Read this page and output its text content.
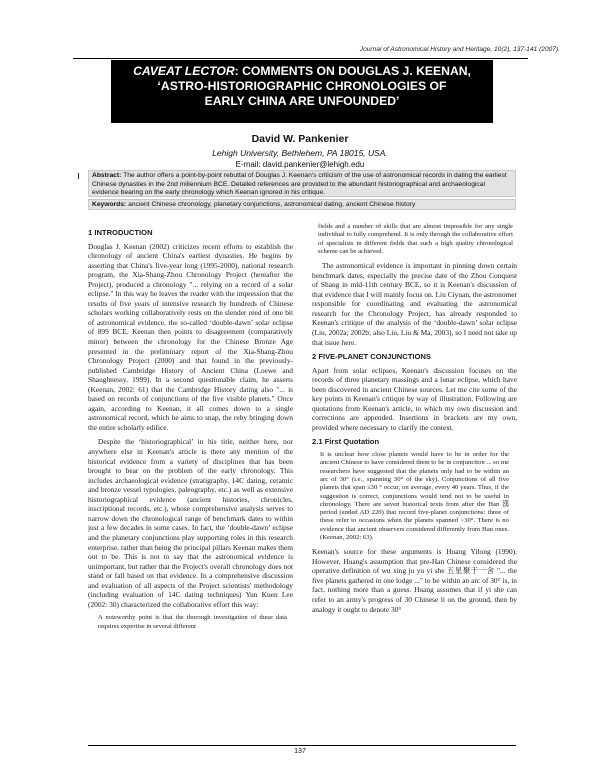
Journal of Astronomical History and Heritage, 10(2), 137-141 (2007).
CAVEAT LECTOR: COMMENTS ON DOUGLAS J. KEENAN,
‘ASTRO-HISTORIOGRAPHIC CHRONOLOGIES OF
EARLY CHINA ARE UNFOUNDED’
David W. Pankenier
Lehigh University, Bethlehem, PA 18015, USA.
E-mail: david.pankenier@lehigh.edu
Abstract: The author offers a point-by-point rebuttal of Douglas J. Keenan's criticism of the use of astronomical records in dating the earliest Chinese dynasties in the 2nd millennium BCE. Detailed references are provided to the abundant historiographical and archaeological evidence bearing on the early chronology which Keenan ignored in his critique.
Keywords: ancient Chinese chronology, planetary conjunctions, astronomical dating, ancient Chinese history
1 INTRODUCTION

Douglas J. Keenan (2002) criticizes recent efforts to establish the chronology of ancient China's earliest dynasties. He begins by asserting that China's five-year long (1995-2000), national research program, the Xia-Shang-Zhou Chronology Project (hereafter the Project), produced a chronology "... relying on a record of a solar eclipse." In this way he leaves the reader with the impression that the results of five years of intensive research by hundreds of Chinese scholars working collaboratively rests on the slender reed of one bit of astronomical evidence, the so-called ‘double-dawn’ solar eclipse of 899 BCE. Keenan then points to disagreement (comparatively minor) between the chronology for the Chinese Bronze Age presented in the preliminary report of the Xia-Shang-Zhou Chronology Project (2000) and that found in the previously-published Cambridge History of Ancient China (Loewe and Shaughnessy, 1999). In a second questionable claim, he asserts (Keenan, 2002: 61) that the Cambridge History dating also "... is based on records of conjunctions of the five visible planets." Once again, according to Keenan, it all comes down to a single astronomical record, which he aims to snap, the reby bringing down the entire scholarly edifice.

Despite the ‘historiographical’ in his title, neither here, nor anywhere else in Keenan's article is there any mention of the historical evidence from a variety of disciplines that has been brought to bear on the problem of the early chronology. This includes archaeological evidence (stratigraphy, 14C dating, ceramic and bronze vessel typologies, paleography, etc.) as well as extensive historiographical evidence (ancient histories, chronicles, inscriptional records, etc.), whose comprehensive analysis serves to narrow down the chronological range of benchmark dates to within just a few decades in some cases. In fact, the ‘double-dawn’ eclipse and the planetary conjunctions play supporting roles in this research enterprise, rather than being the principal pillars Keenan makes them out to be. This is not to say that the astronomical evidence is unimportant, but rather that the Project's overall chronology does not stand or fall based on that evidence. In a comprehensive discussion and evaluation of all aspects of the Project scientists' methodology (including evaluation of 14C dating techniques) Yun Kuen Lee (2002: 30) characterized the collaborative effort this way:

A noteworthy point is that the thorough investigation of these data requires expertise in several different

fields and a number of skills that are almost impossible for any single individual to fully comprehend. It is only through the collaborative effort of specialists in different fields that such a high quality chronological scheme can be achieved.

The astronomical evidence is important in pinning down certain benchmark dates, especially the precise date of the Zhou Conquest of Shang in mid-11th century BCE, so it is Keenan's discussion of that evidence that I will mainly focus on. Liu Ciyuan, the astronomer responsible for coordinating and evaluating the astronomical research for the Chronology Project, has already responded to Keenan's critique of the analysis of the ‘double-dawn’ solar eclipse (Liu, 2002a; 2002b; also Liu, Liu & Ma, 2003), so I need not take up that issue here.

2 FIVE-PLANET CONJUNCTIONS

Apart from solar eclipses, Keenan's discussion focuses on the records of three planetary massings and a lunar eclipse, which have been discovered in ancient Chinese sources. Let me cite some of the key points in Keenan's critique by way of illustration. Following are quotations from Keenan's article, to which my own discussion and corrections are appended. Insertions in brackets are my own, provided where necessary to clarify the context.

2.1 First Quotation

It is unclear how close planets would have to be in order for the ancient Chinese to have considered them to be in conjunction ... so me researchers have suggested that the planets only had to be within an arc of 30° (i.e., spanning 30° of the sky). Conjunctions of all five planets that span ≤30 ° occur, on average, every 40 years. Thus, if the suggestion is correct, conjunctions would tend not to be useful in chronology. There are seven historical texts from after the Han 漢 period (ended AD 220) that record five-planet conjunctions: three of these refer to occasions when the planets spanned >30°. There is no evidence that ancient observers considered differently from Han ones. (Keenan, 2002: 63).

Keenan's source for these arguments is Huang Yilong (1990). However, Huang's assumption that pre-Han Chinese considered the operative definition of wu xing ju yu yi she 五星聚于一舍 "... the five planets gathered in one lodge ..." to be within an arc of 30° is, in fact, nothing more than a guess. Huang assumes that if yi she can refer to an army's progress of 30 Chinese li on the ground, then by analogy it ought to denote 30°

137
